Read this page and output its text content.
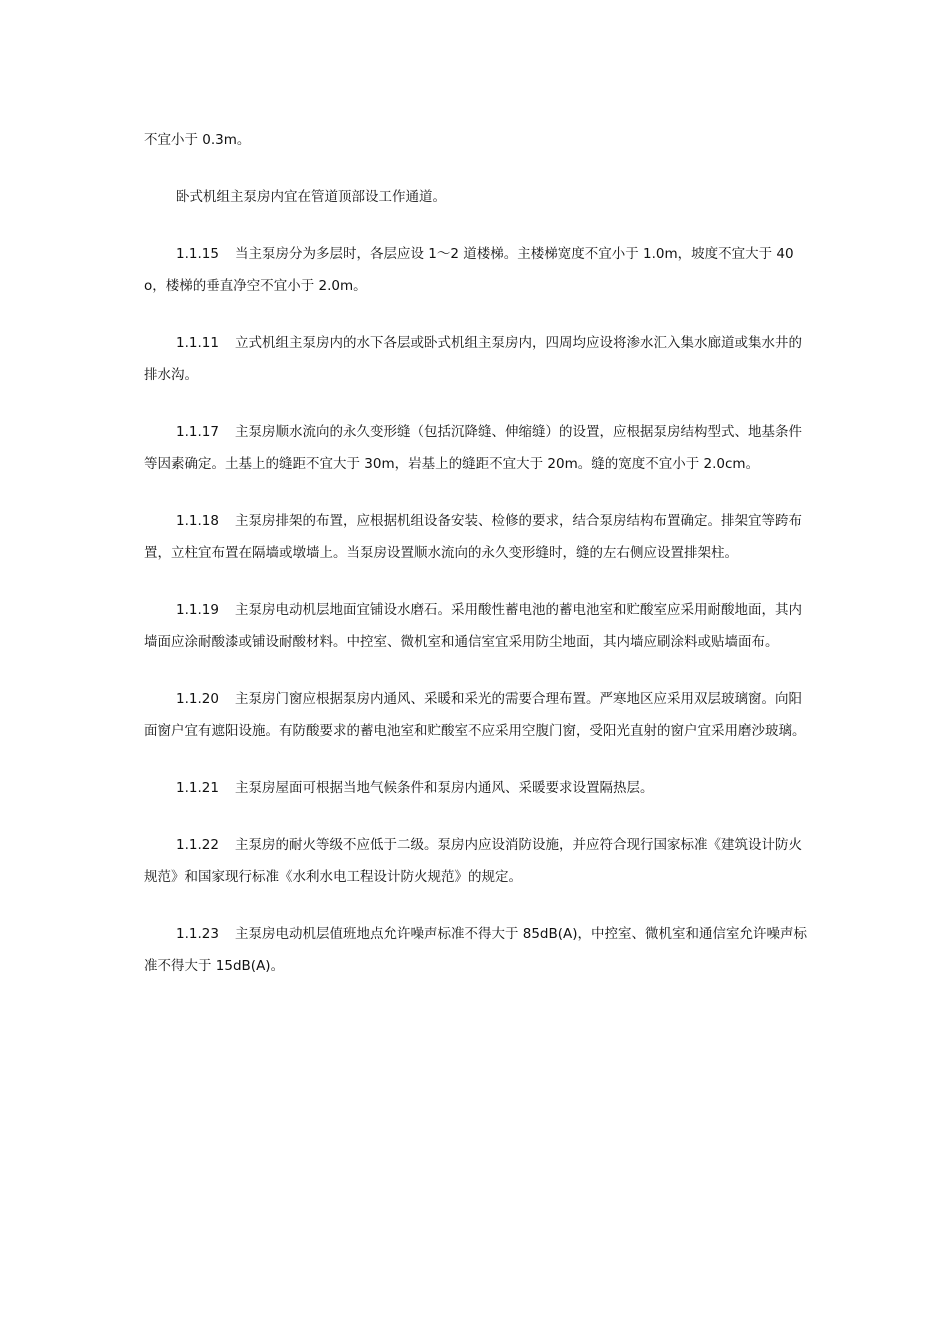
不宜小于 0.3m。

卧式机组主泵房内宜在管道顶部设工作通道。

1.1.15 当主泵房分为多层时，各层应设 1～2 道楼梯。主楼梯宽度不宜小于 1.0m，坡度不宜大于 40o，楼梯的垂直净空不宜小于 2.0m。

1.1.11 立式机组主泵房内的水下各层或卧式机组主泵房内，四周均应设将渗水汇入集水廊道或集水井的排水沟。

1.1.17 主泵房顺水流向的永久变形缝（包括沉降缝、伸缩缝）的设置，应根据泵房结构型式、地基条件等因素确定。土基上的缝距不宜大于 30m，岩基上的缝距不宜大于 20m。缝的宽度不宜小于 2.0cm。

1.1.18 主泵房排架的布置，应根据机组设备安装、检修的要求，结合泵房结构布置确定。排架宜等跨布置，立柱宜布置在隔墙或墩墙上。当泵房设置顺水流向的永久变形缝时，缝的左右侧应设置排架柱。

1.1.19 主泵房电动机层地面宜铺设水磨石。采用酸性蓄电池的蓄电池室和贮酸室应采用耐酸地面，其内墙面应涂耐酸漆或铺设耐酸材料。中控室、微机室和通信室宜采用防尘地面，其内墙应刷涂料或贴墙面布。

1.1.20 主泵房门窗应根据泵房内通风、采暖和采光的需要合理布置。严寒地区应采用双层玻璃窗。向阳面窗户宜有遮阳设施。有防酸要求的蓄电池室和贮酸室不应采用空腹门窗，受阳光直射的窗户宜采用磨沙玻璃。

1.1.21 主泵房屋面可根据当地气候条件和泵房内通风、采暖要求设置隔热层。

1.1.22 主泵房的耐火等级不应低于二级。泵房内应设消防设施，并应符合现行国家标准《建筑设计防火规范》和国家现行标准《水利水电工程设计防火规范》的规定。

1.1.23 主泵房电动机层值班地点允许噪声标准不得大于 85dB(A)，中控室、微机室和通信室允许噪声标准不得大于 15dB(A)。
